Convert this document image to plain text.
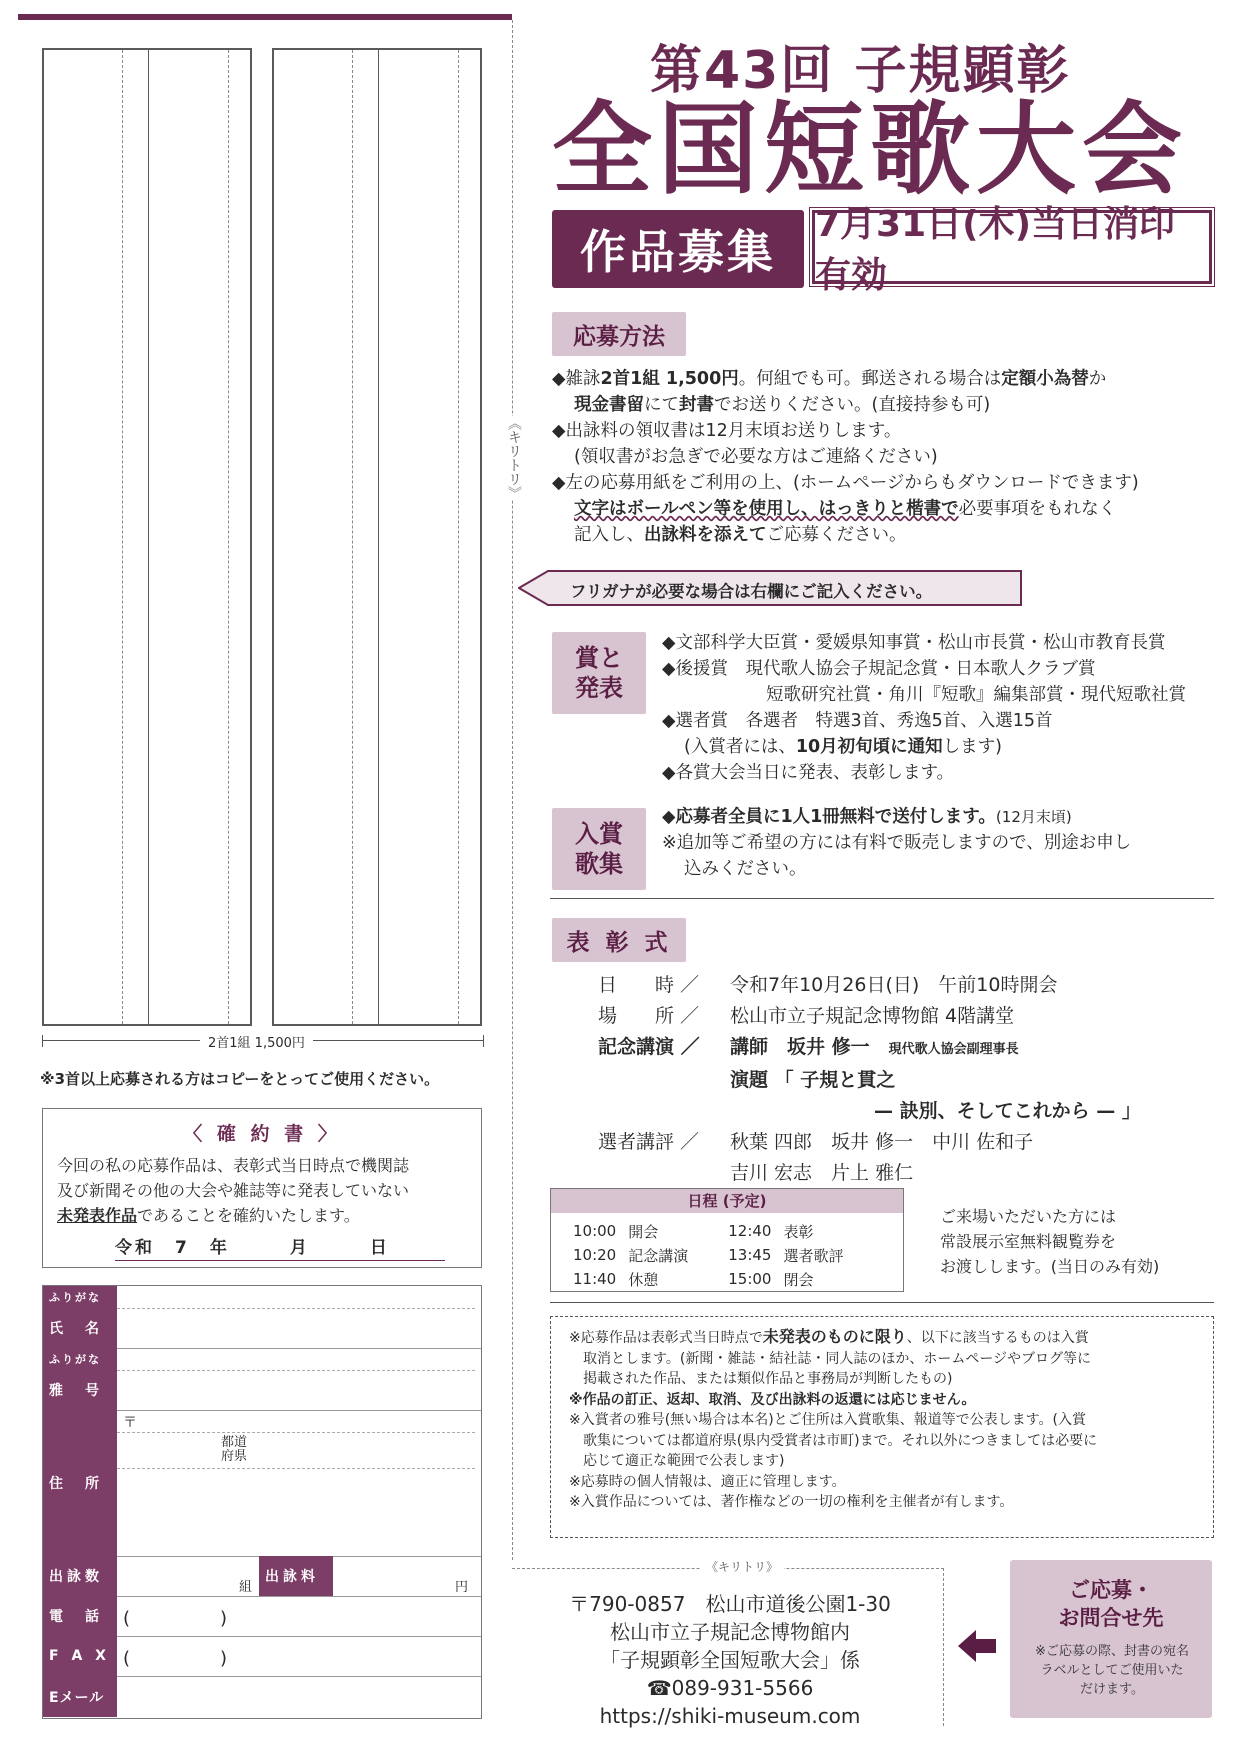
2首1組 1,500円
※3首以上応募される方はコピーをとってご使用ください。
〈 確 約 書 〉
今回の私の応募作品は、表彰式当日時点で機関誌
及び新聞その他の大会や雑誌等に発表していない
未発表作品であることを確約いたします。
令和　7　年　　　月　　　日
ふりがな
氏　名
ふりがな
雅　号
住　所
〒
都道
府県
出詠数
組
出詠料
円
電　話	(　　　　　)
F A X (　　　　　)
Eメール
《キリトリ》
第43回 子規顕彰
全国短歌大会
作品募集
7月31日(木)当日消印有効
応募方法
◆雑詠2首1組 1,500円。何組でも可。郵送される場合は定額小為替か
現金書留にて封書でお送りください。(直接持参も可)
◆出詠料の領収書は12月末頃お送りします。
(領収書がお急ぎで必要な方はご連絡ください)
◆左の応募用紙をご利用の上、(ホームページからもダウンロードできます)
文字はボールペン等を使用し、はっきりと楷書で必要事項をもれなく
記入し、出詠料を添えてご応募ください。
フリガナが必要な場合は右欄にご記入ください。
賞と発表
◆文部科学大臣賞・愛媛県知事賞・松山市長賞・松山市教育長賞
◆後援賞　現代歌人協会子規記念賞・日本歌人クラブ賞
短歌研究社賞・角川『短歌』編集部賞・現代短歌社賞
◆選者賞　各選者　特選3首、秀逸5首、入選15首
(入賞者には、10月初旬頃に通知します)
◆各賞大会当日に発表、表彰します。
入賞歌集
◆応募者全員に1人1冊無料で送付します。(12月末頃)
※追加等ご希望の方には有料で販売しますので、別途お申し
込みください。
表 彰 式
日　　時 ／ 令和7年10月26日(日)　午前10時開会
場　　所 ／ 松山市立子規記念博物館 4階講堂
記念講演 ／ 講師　坂井 修一　 現代歌人協会副理事長
演題 「 子規と貫之
— 訣別、そしてこれから — 」
選者講評 ／ 秋葉 四郎　坂井 修一　中川 佐和子
吉川 宏志　片上 雅仁
日程 (予定)
10:00	開会	12:40	表彰
10:20	記念講演	13:45	選者歌評
11:40	休憩	15:00	閉会
ご来場いただいた方には
常設展示室無料観覧券を
お渡しします。(当日のみ有効)
※応募作品は表彰式当日時点で未発表のものに限り、以下に該当するものは入賞
取消とします。(新聞・雑誌・結社誌・同人誌のほか、ホームページやブログ等に
掲載された作品、または類似作品と事務局が判断したもの)
※作品の訂正、返却、取消、及び出詠料の返還には応じません。
※入賞者の雅号(無い場合は本名)とご住所は入賞歌集、報道等で公表します。(入賞
歌集については都道府県(県内受賞者は市町)まで。それ以外につきましては必要に
応じて適正な範囲で公表します)
※応募時の個人情報は、適正に管理します。
※入賞作品については、著作権などの一切の権利を主催者が有します。
《キリトリ》
〒790-0857　松山市道後公園1-30
松山市立子規記念博物館内
「子規顕彰全国短歌大会」係
☎089-931-5566
https://shiki-museum.com
ご応募・
お問合せ先
※ご応募の際、封書の宛名
ラベルとしてご使用いた
だけます。
